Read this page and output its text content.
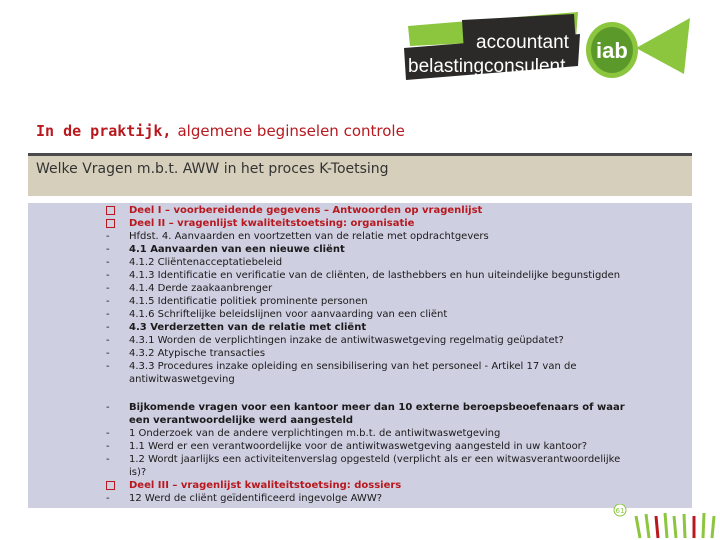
accountant
belastingconsulent
iab
In de praktijk, algemene beginselen controle
Welke Vragen m.b.t. AWW in het proces K-Toetsing
Deel I – voorbereidende gegevens – Antwoorden op vragenlijst
Deel II – vragenlijst kwaliteitstoetsing: organisatie
- Hfdst. 4. Aanvaarden en voortzetten van de relatie met opdrachtgevers
- 4.1 Aanvaarden van een nieuwe cliënt
- 4.1.2 Cliëntenacceptatiebeleid
- 4.1.3 Identificatie en verificatie van de cliënten, de lasthebbers en hun uiteindelijke begunstigden
- 4.1.4 Derde zaakaanbrenger
- 4.1.5 Identificatie politiek prominente personen
- 4.1.6 Schriftelijke beleidslijnen voor aanvaarding van een cliënt
- 4.3 Verderzetten van de relatie met cliënt
- 4.3.1 Worden de verplichtingen inzake de antiwitwaswetgeving regelmatig geüpdatet?
- 4.3.2 Atypische transacties
- 4.3.3 Procedures inzake opleiding en sensibilisering van het personeel - Artikel 17 van de
antiwitwaswetgeving
- Bijkomende vragen voor een kantoor meer dan 10 externe beroepsbeoefenaars of waar
een verantwoordelijke werd aangesteld
- 1 Onderzoek van de andere verplichtingen m.b.t. de antiwitwaswetgeving
- 1.1 Werd er een verantwoordelijke voor de antiwitwaswetgeving aangesteld in uw kantoor?
- 1.2 Wordt jaarlijks een activiteitenverslag opgesteld (verplicht als er een witwasverantwoordelijke
is)?
Deel III – vragenlijst kwaliteitstoetsing: dossiers
- 12 Werd de cliënt geïdentificeerd ingevolge AWW?
61
